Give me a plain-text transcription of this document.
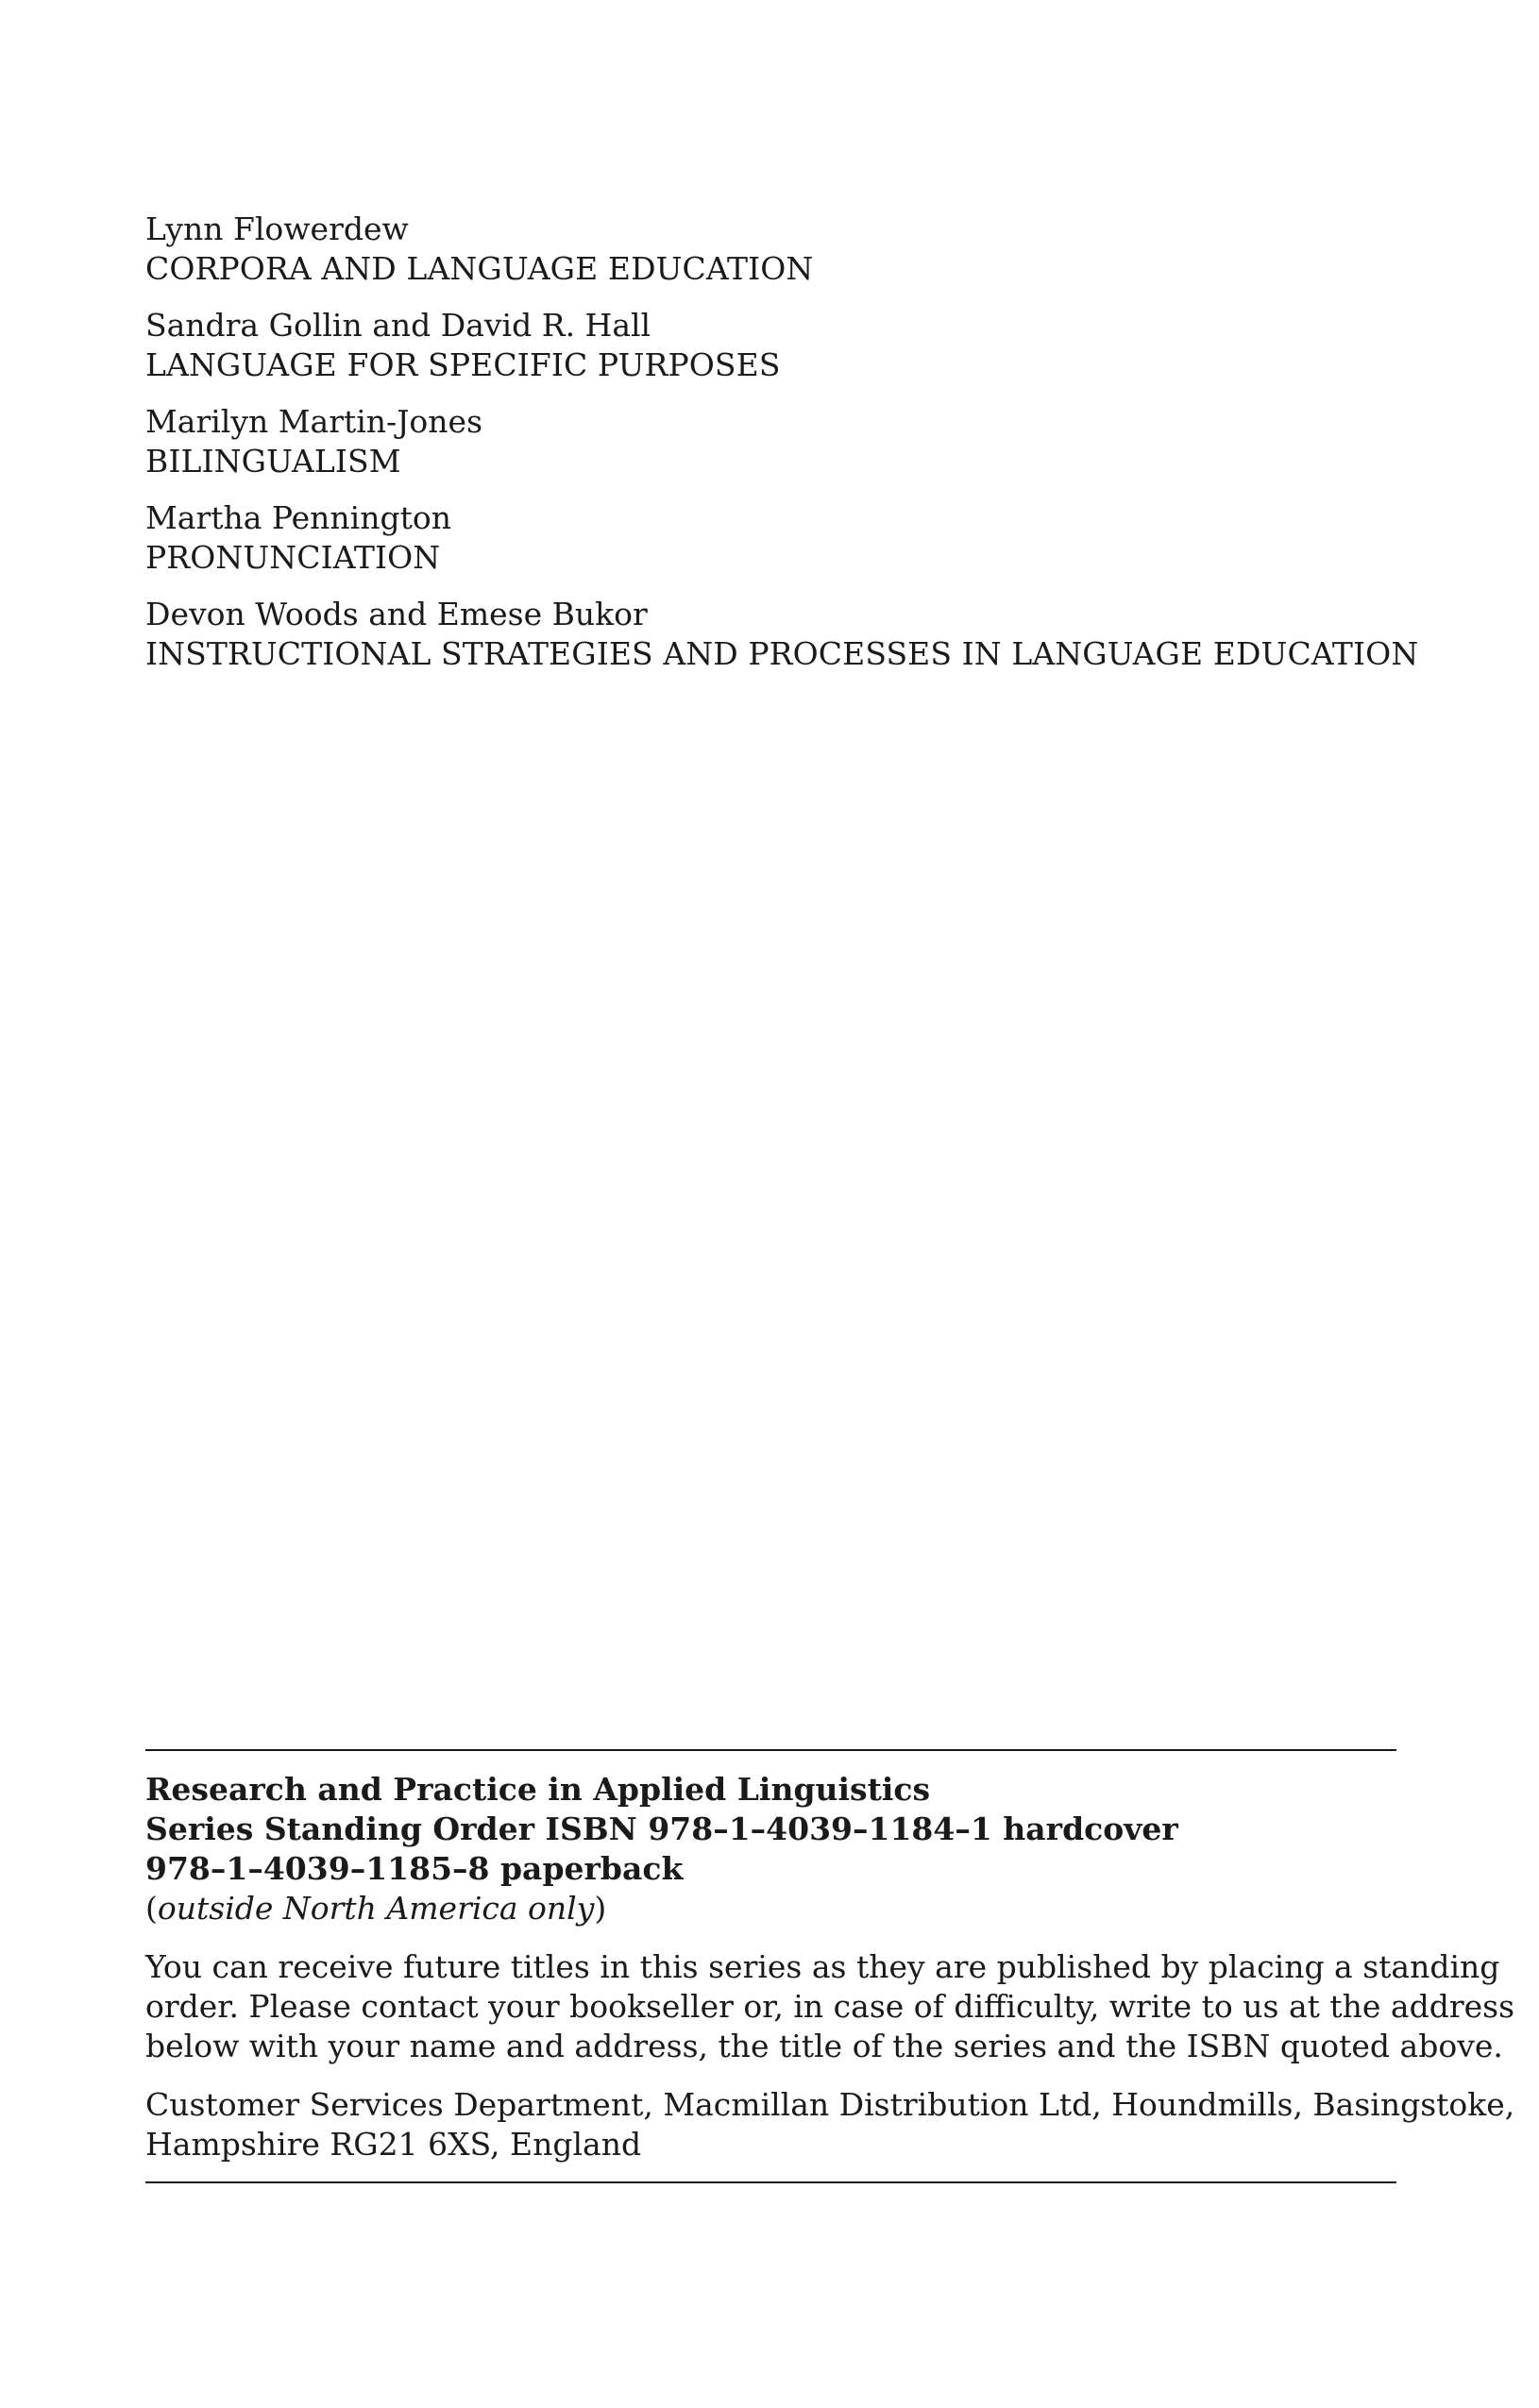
Lynn Flowerdew
CORPORA AND LANGUAGE EDUCATION
Sandra Gollin and David R. Hall
LANGUAGE FOR SPECIFIC PURPOSES
Marilyn Martin-Jones
BILINGUALISM
Martha Pennington
PRONUNCIATION
Devon Woods and Emese Bukor
INSTRUCTIONAL STRATEGIES AND PROCESSES IN LANGUAGE EDUCATION
Research and Practice in Applied Linguistics
Series Standing Order ISBN 978–1–4039–1184–1 hardcover
978–1–4039–1185–8 paperback
(outside North America only)
You can receive future titles in this series as they are published by placing a standing
order. Please contact your bookseller or, in case of difficulty, write to us at the address
below with your name and address, the title of the series and the ISBN quoted above.
Customer Services Department, Macmillan Distribution Ltd, Houndmills, Basingstoke,
Hampshire RG21 6XS, England
